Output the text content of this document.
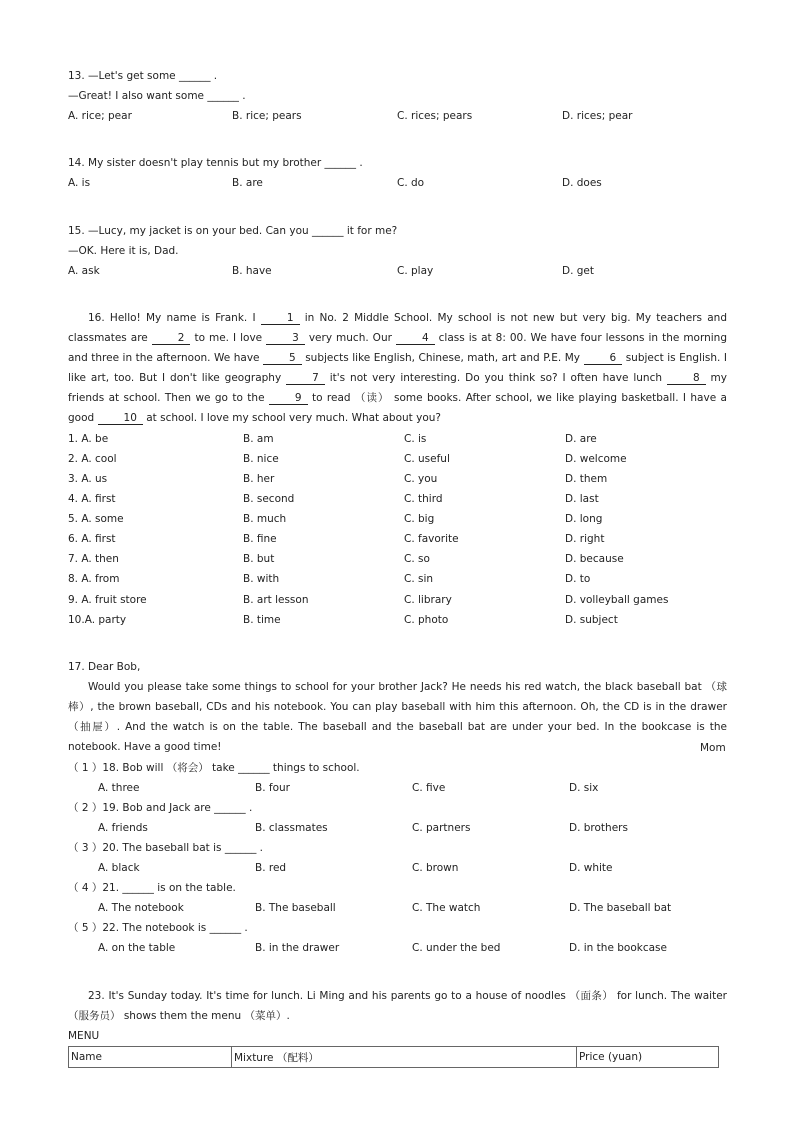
13. —Let's get some ______ .
—Great! I also want some ______ .
A. rice; pear	B. rice; pears	C. rices; pears	D. rices; pear
14. My sister doesn't play tennis but my brother ______ .
A. is	B. are	C. do	D. does
15. —Lucy, my jacket is on your bed. Can you ______ it for me?
—OK. Here it is, Dad.
A. ask	B. have	C. play	D. get
16. Hello! My name is Frank. I 1 in No. 2 Middle School. My school is not new but very big. My teachers and classmates are 2 to me. I love 3 very much. Our 4 class is at 8: 00. We have four lessons in the morning and three in the afternoon. We have 5 subjects like English, Chinese, math, art and P.E. My 6 subject is English. I like art, too. But I don't like geography 7 it's not very interesting. Do you think so? I often have lunch 8 my friends at school. Then we go to the 9 to read （读） some books. After school, we like playing basketball. I have a good 10 at school. I love my school very much. What about you?
1. A. be	B. am	C. is	D. are
2. A. cool	B. nice	C. useful	D. welcome
3. A. us	B. her	C. you	D. them
4. A. first	B. second	C. third	D. last
5. A. some	B. much	C. big	D. long
6. A. first	B. fine	C. favorite	D. right
7. A. then	B. but	C. so	D. because
8. A. from	B. with	C. sin	D. to
9. A. fruit store	B. art lesson	C. library	D. volleyball games
10.A. party	B. time	C. photo	D. subject
17. Dear Bob,
Would you please take some things to school for your brother Jack? He needs his red watch, the black baseball bat （球棒）, the brown baseball, CDs and his notebook. You can play baseball with him this afternoon. Oh, the CD is in the drawer （抽屉）. And the watch is on the table. The baseball and the baseball bat are under your bed. In the bookcase is the notebook. Have a good time!	Mom
（ 1 ）18. Bob will （将会） take ______ things to school.
A. three	B. four	C. five	D. six
（ 2 ）19. Bob and Jack are ______ .
A. friends	B. classmates	C. partners	D. brothers
（ 3 ）20. The baseball bat is ______ .
A. black	B. red	C. brown	D. white
（ 4 ）21. ______ is on the table.
A. The notebook	B. The baseball	C. The watch	D. The baseball bat
（ 5 ）22. The notebook is ______ .
A. on the table	B. in the drawer	C. under the bed	D. in the bookcase
23. It's Sunday today. It's time for lunch. Li Ming and his parents go to a house of noodles （面条） for lunch. The waiter （服务员） shows them the menu （菜单）.
MENU
Name	Mixture （配料）	Price (yuan)
